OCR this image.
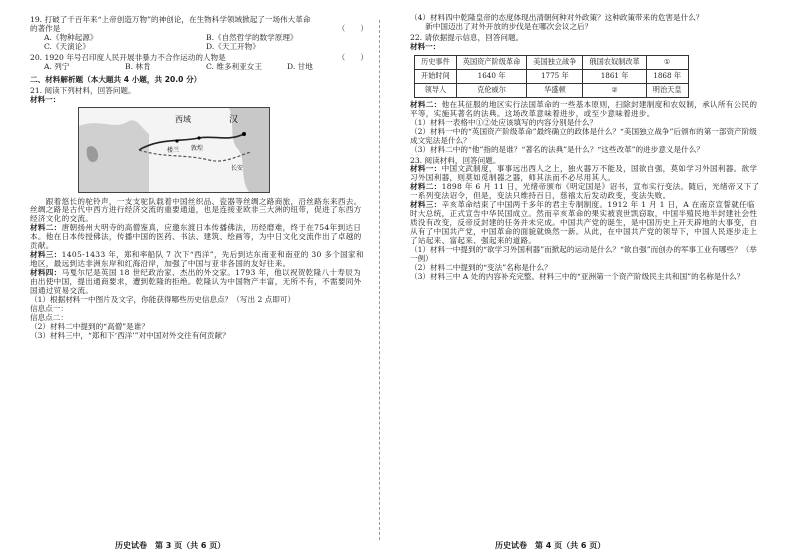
19. 打破了千百年来“上帝创造万物”的神创论，在生物科学领域掀起了一场伟大革命

的著作是	（　　）

A.《物种起源》	B.《自然哲学的数学原理》
C.《天演论》	D.《天工开物》

20. 1920 年号召印度人民开展非暴力不合作运动的人物是	（　　）

A. 列宁	B. 林肯	C. 维多利亚女王	D. 甘地

二、材料解析题（本大题共 4 小题，共 20.0 分）

21. 阅读下列材料，回答问题。

材料一：

西域	汉
楼兰 敦煌
长安

　　跟着悠长的驼铃声，一支支驼队载着中国丝织品、瓷器等丝绸之路商旅，沿丝路东来西去。丝绸之路是古代中西方进行经济交流的重要通道，也是连接亚欧非三大洲的纽带，促进了东西方经济文化的交流。

材料二：唐朝扬州大明寺的高僧鉴真，应邀东渡日本传播佛法，历经磨难，终于在754年到达日本。他在日本传授佛法，传播中国的医药、书法、建筑、绘画等，为中日文化交流作出了卓越的贡献。

材料三：1405-1433 年，郑和率船队 7 次下“西洋”，先后到达东南亚和南亚的 30 多个国家和地区，最远到达非洲东岸和红海沿岸，加强了中国与亚非各国的友好往来。

材料四：马戛尔尼是英国 18 世纪政治家、杰出的外交家。1793 年，他以祝贺乾隆八十寿辰为由出使中国，提出通商要求，遭到乾隆的拒绝。乾隆认为中国物产丰富，无所不有，不需要同外国通过贸易交流。

（1）根据材料一中图片及文字，你能获得哪些历史信息点？（写出 2 点即可）

信息点一：

信息点二：

（2）材料二中提到的“高僧”是谁？

（3）材料三中，“郑和下‘西洋’”对中国对外交往有何贡献？

（4）材料四中乾隆皇帝的态度体现出清朝何种对外政策？这种政策带来的危害是什么？

　　新中国迈出了对外开放的步伐是在哪次会议之后？

22. 请依据提示信息，回答问题。

材料一：

历史事件	英国资产阶级革命	美国独立战争	俄国农奴制改革	①
开始时间	1640 年	1775 年	1861 年	1868 年
领导人	克伦威尔	华盛顿	②	明治天皇

材料二：他在其征服的地区实行法国革命的一些基本原则，扫除封建制度和农奴制，承认所有公民的平等，实施其著名的法典。这场改革意味着进步，或至少意味着进步。

（1）材料一表格中①②处应该填写的内容分别是什么？

（2）材料一中的“英国资产阶级革命”最终确立的政体是什么？“美国独立战争”后颁布的第一部资产阶级成文宪法是什么？

（3）材料二中的“他”指的是谁？“著名的法典”是什么？“这些改革”的进步意义是什么？

23. 阅读材料，回答问题。

材料一：中国文武制度，事事远出西人之上，独火器万不能及，国欲自强，莫如学习外国利器。欲学习外国利器，则莫如觅制器之器，师其法而不必尽用其人。

材料二：1898 年 6 月 11 日，光绪帝颁布《明定国是》诏书，宣布实行变法。随后，光绪帝又下了一系列变法诏令，但是，变法只维持百日，慈禧太后发动政变，变法失败。

材料三：辛亥革命结束了中国两千多年的君主专制制度。1912 年 1 月 1 日，A 在南京宣誓就任临时大总统，正式宣告中华民国成立。然而辛亥革命的果实被袁世凯窃取，中国半殖民地半封建社会性质没有改变，反帝反封建的任务并未完成。中国共产党的诞生，是中国历史上开天辟地的大事变，自从有了中国共产党，中国革命的面貌就焕然一新。从此，在中国共产党的领导下，中国人民逐步走上了站起来、富起来、强起来的道路。

（1）材料一中提到的“欲学习外国利器”而掀起的运动是什么？“欲自强”而创办的军事工业有哪些？（举一例）

（2）材料二中提到的“变法”名称是什么？

（3）材料三中 A 处的内容补充完整。材料三中的“亚洲第一个资产阶级民主共和国”的名称是什么？

历史试卷　第 3 页（共 6 页）	历史试卷　第 4 页（共 6 页）
